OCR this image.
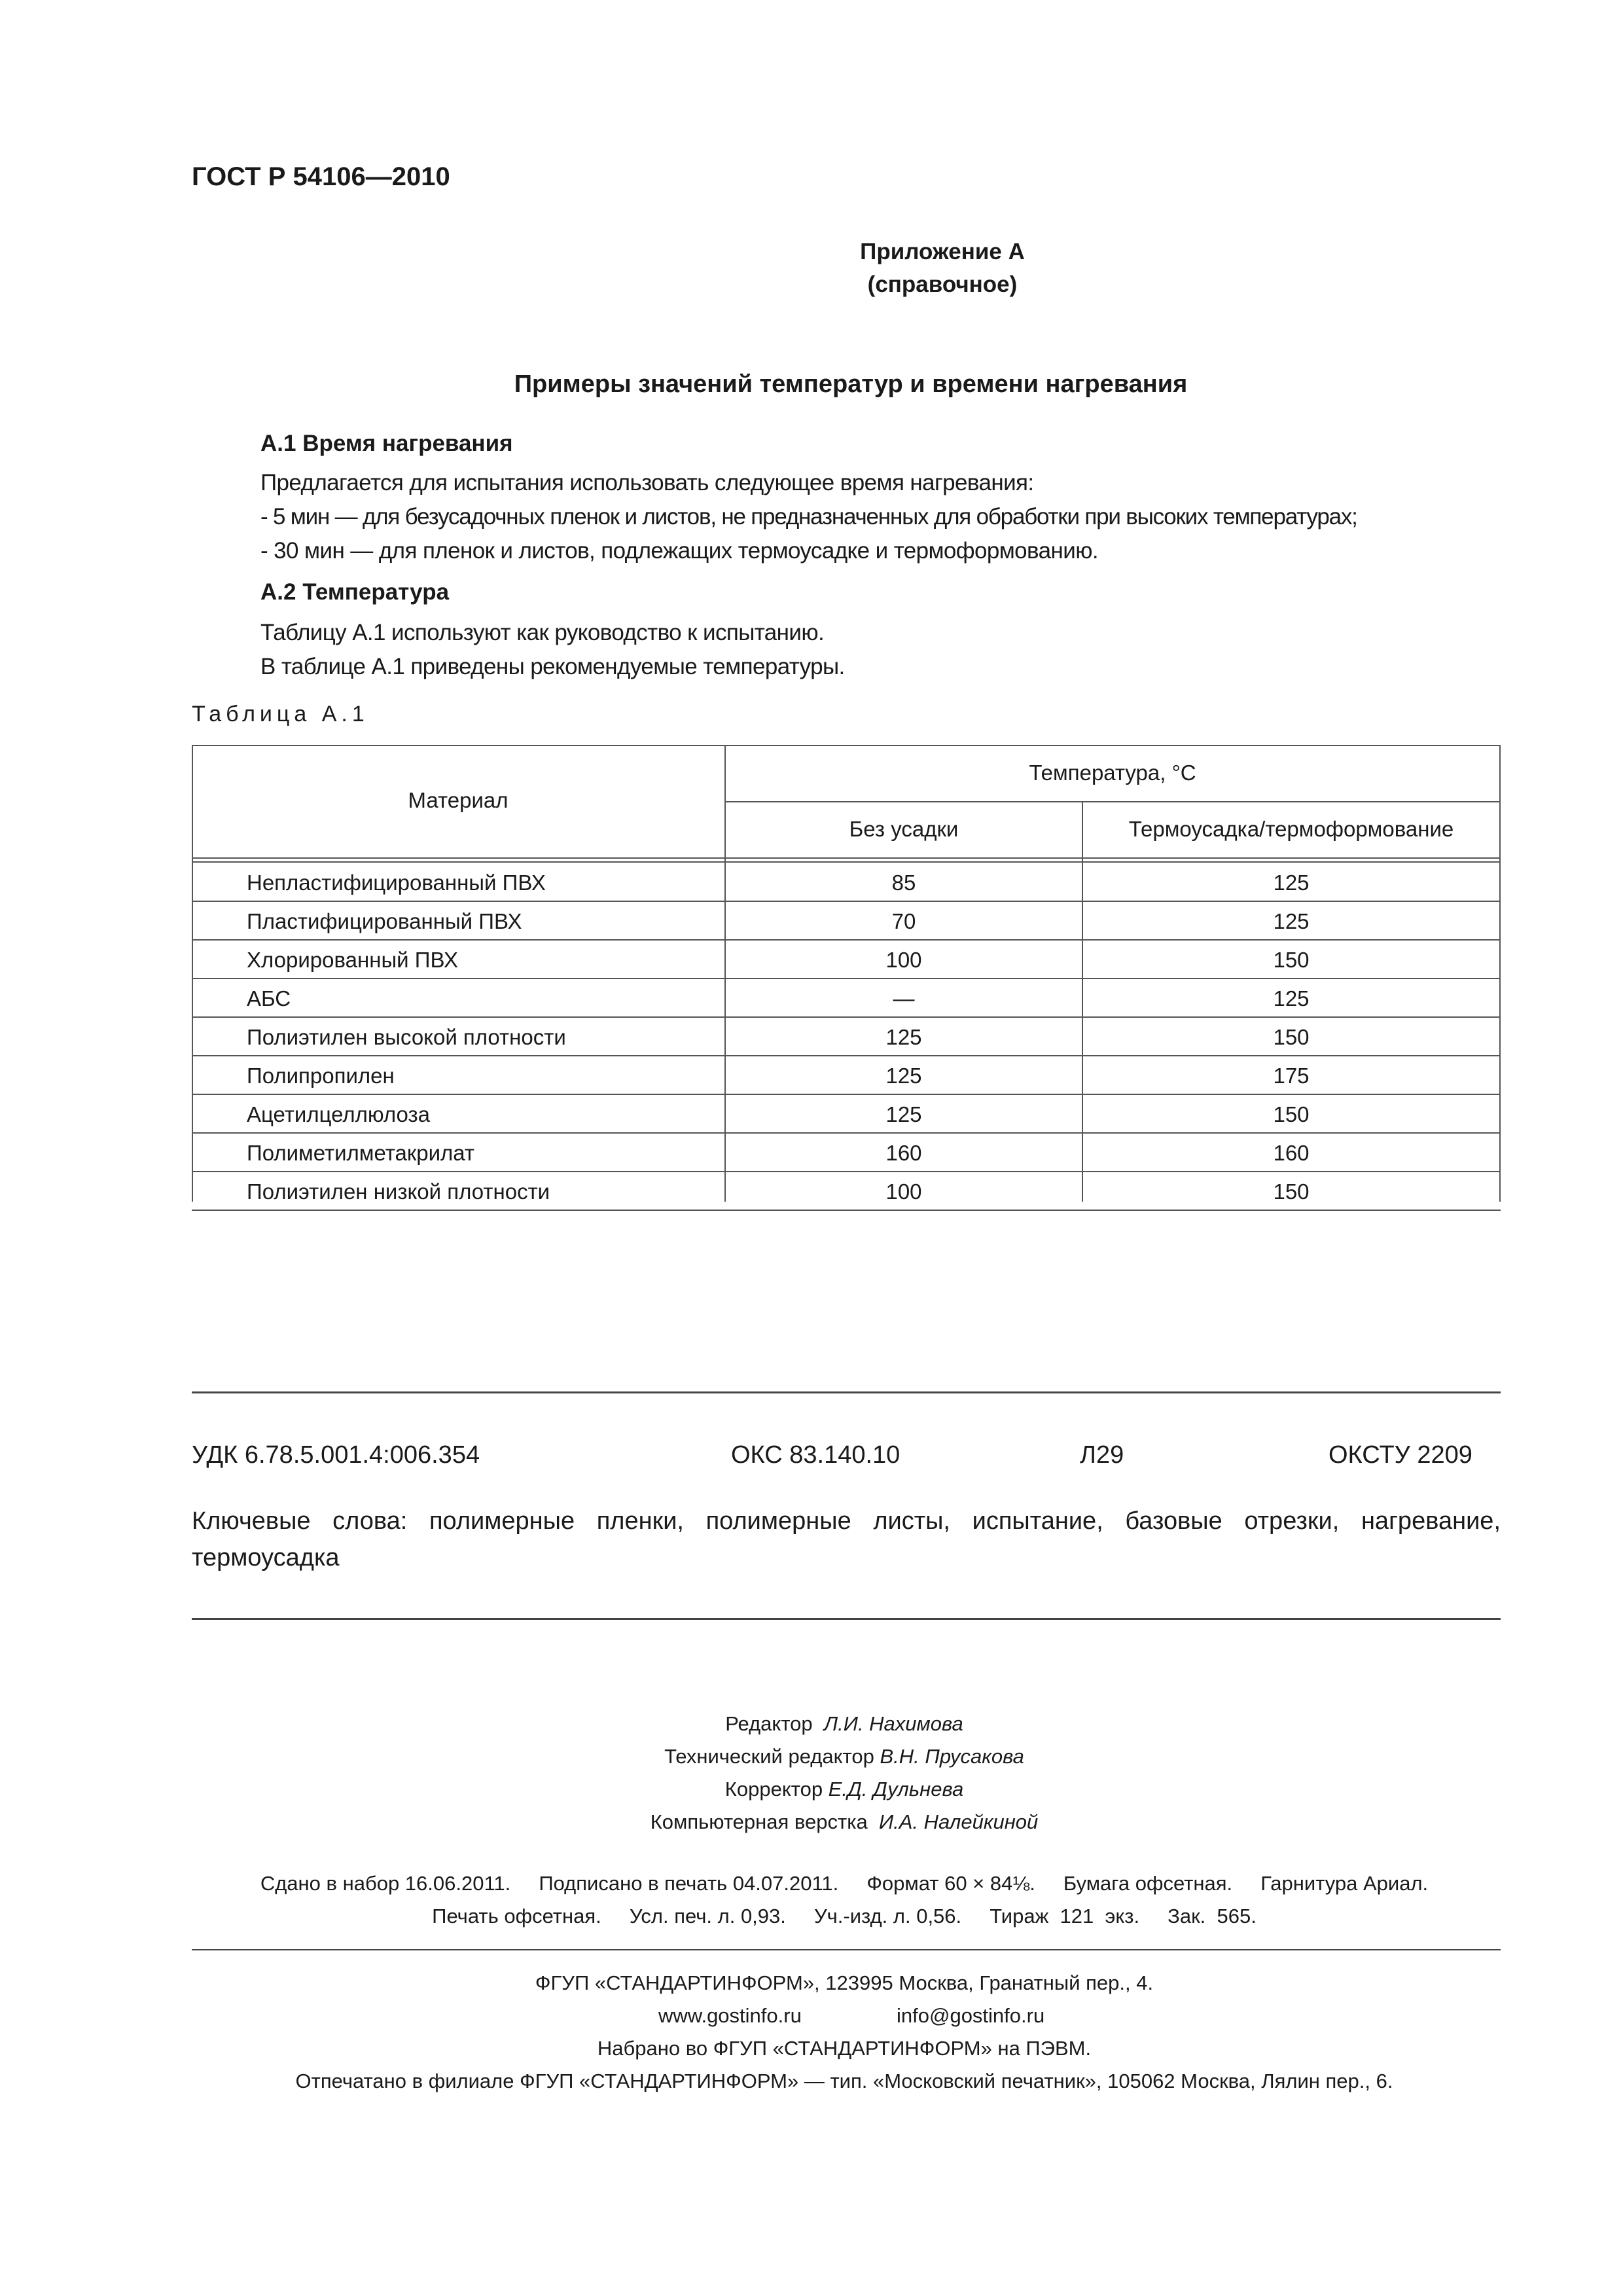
ГОСТ Р 54106—2010
Приложение А
(справочное)
Примеры значений температур и времени нагревания
А.1 Время нагревания
Предлагается для испытания использовать следующее время нагревания:
- 5 мин — для безусадочных пленок и листов, не предназначенных для обработки при высоких температурах;
- 30 мин — для пленок и листов, подлежащих термоусадке и термоформованию.
А.2 Температура
Таблицу А.1 используют как руководство к испытанию.
В таблице А.1 приведены рекомендуемые температуры.
Таблица А.1
Материал
Температура, °С
Без усадки	Термоусадка/термоформование
Непластифицированный ПВХ	85	125
Пластифицированный ПВХ	70	125
Хлорированный ПВХ	100	150
АБС	—	125
Полиэтилен высокой плотности	125	150
Полипропилен	125	175
Ацетилцеллюлоза	125	150
Полиметилметакрилат	160	160
Полиэтилен низкой плотности	100	150
УДК 6.78.5.001.4:006.354	ОКС 83.140.10	Л29	ОКСТУ 2209
Ключевые слова: полимерные пленки, полимерные листы, испытание, базовые отрезки, нагревание, термоусадка
Редактор Л.И. Нахимова
Технический редактор В.Н. Прусакова
Корректор Е.Д. Дульнева
Компьютерная верстка И.А. Налейкиной
Сдано в набор 16.06.2011.     Подписано в печать 04.07.2011.     Формат 60 × 84⅛.     Бумага офсетная.     Гарнитура Ариал.
Печать офсетная.     Усл. печ. л. 0,93.     Уч.-изд. л. 0,56.     Тираж  121  экз.     Зак.  565.
ФГУП «СТАНДАРТИНФОРМ», 123995 Москва, Гранатный пер., 4.
www.gostinfo.ru	info@gostinfo.ru
Набрано во ФГУП «СТАНДАРТИНФОРМ» на ПЭВМ.
Отпечатано в филиале ФГУП «СТАНДАРТИНФОРМ» — тип. «Московский печатник», 105062 Москва, Лялин пер., 6.
